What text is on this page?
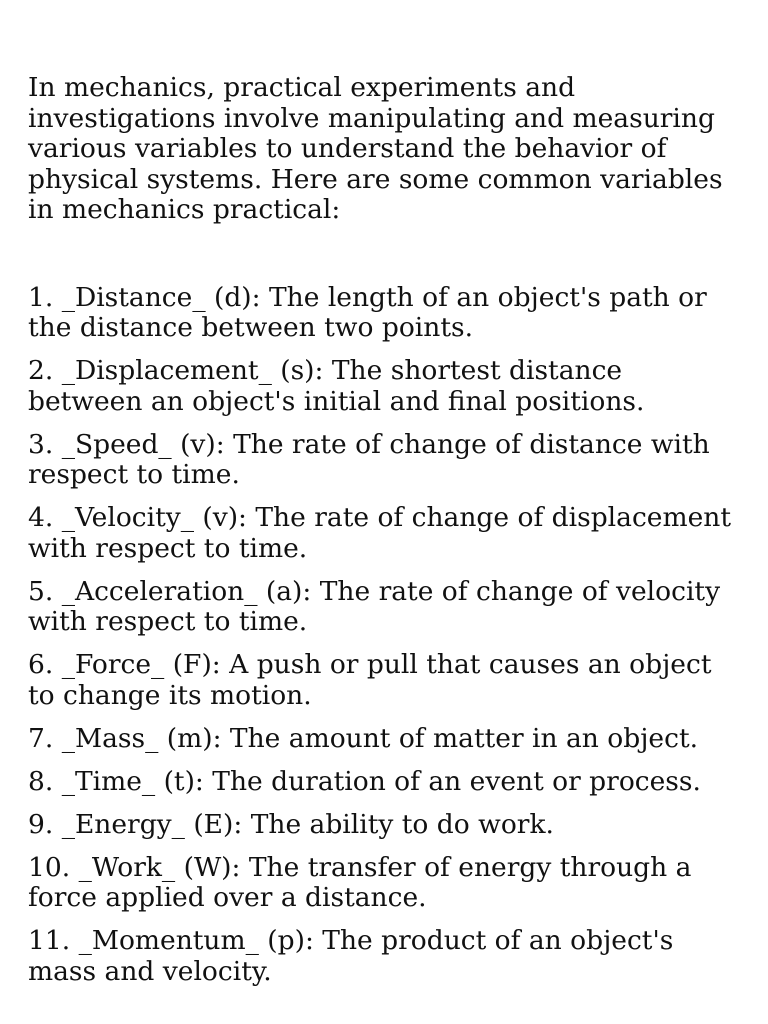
In mechanics, practical experiments and investigations involve manipulating and measuring various variables to understand the behavior of physical systems. Here are some common variables in mechanics practical:

1. _Distance_ (d): The length of an object's path or the distance between two points.
2. _Displacement_ (s): The shortest distance between an object's initial and final positions.
3. _Speed_ (v): The rate of change of distance with respect to time.
4. _Velocity_ (v): The rate of change of displacement with respect to time.
5. _Acceleration_ (a): The rate of change of velocity with respect to time.
6. _Force_ (F): A push or pull that causes an object to change its motion.
7. _Mass_ (m): The amount of matter in an object.
8. _Time_ (t): The duration of an event or process.
9. _Energy_ (E): The ability to do work.
10. _Work_ (W): The transfer of energy through a force applied over a distance.
11. _Momentum_ (p): The product of an object's mass and velocity.
